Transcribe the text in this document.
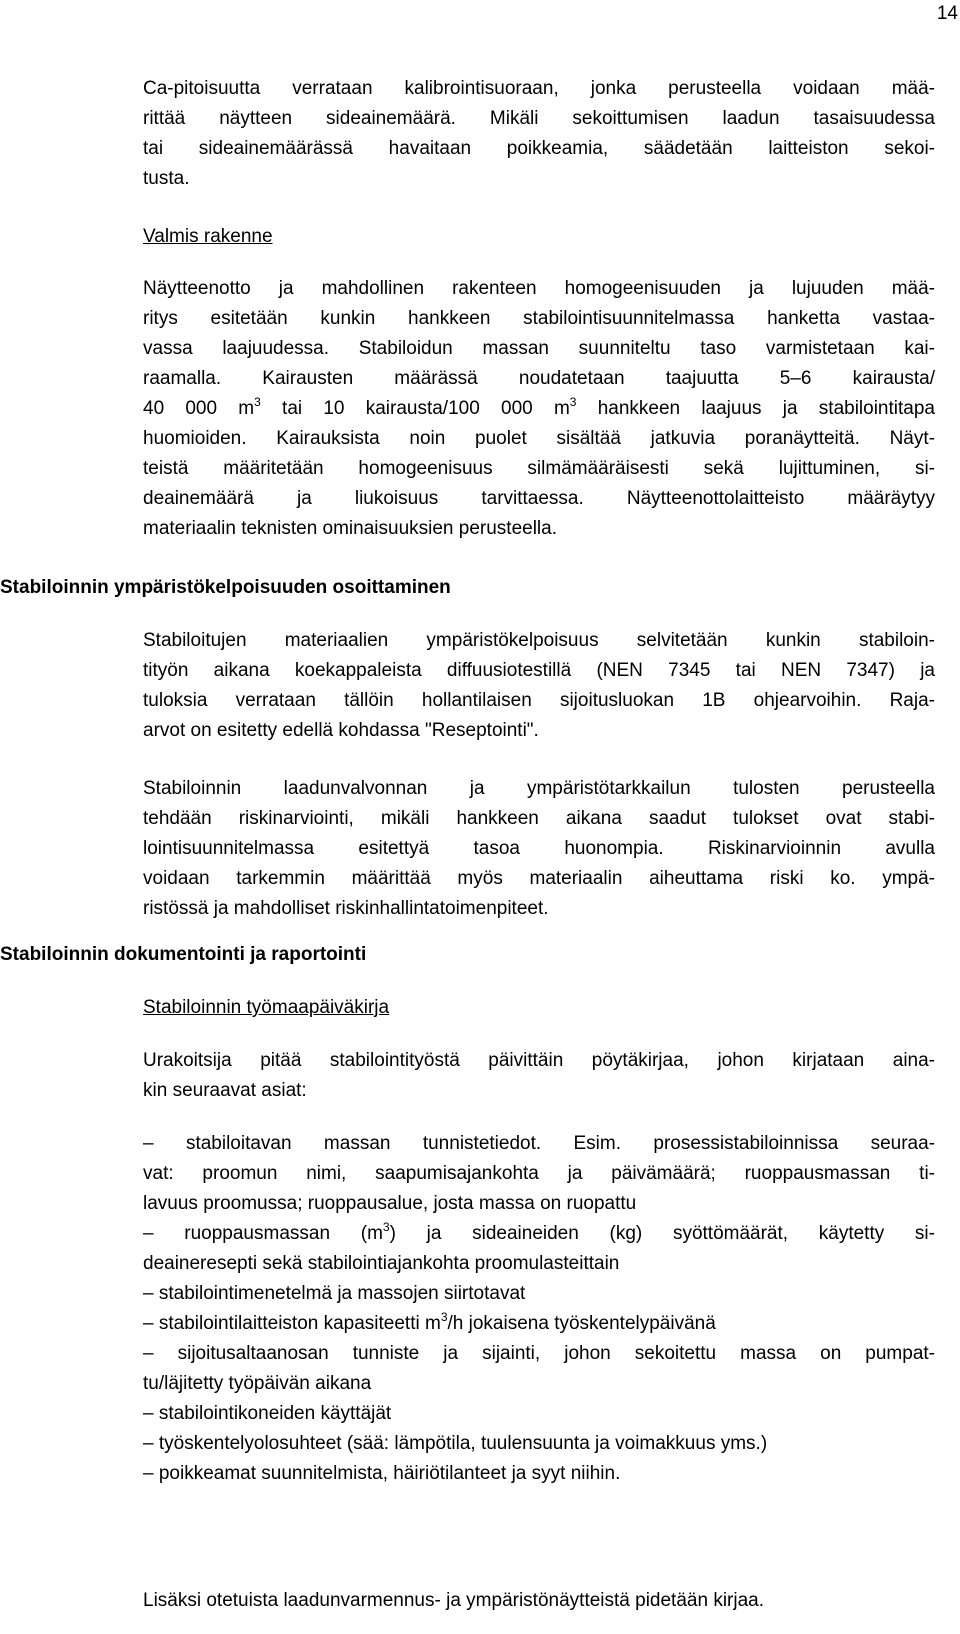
14
Ca-pitoisuutta verrataan kalibrointisuoraan, jonka perusteella voidaan mää-
rittää näytteen sideainemäärä. Mikäli sekoittumisen laadun tasaisuudessa
tai sideainemäärässä havaitaan poikkeamia, säädetään laitteiston sekoi-
tusta.

Valmis rakenne

Näytteenotto ja mahdollinen rakenteen homogeenisuuden ja lujuuden mää-
ritys esitetään kunkin hankkeen stabilointisuunnitelmassa hanketta vastaa-
vassa laajuudessa. Stabiloidun massan suunniteltu taso varmistetaan kai-
raamalla. Kairausten määrässä noudatetaan taajuutta 5–6 kairausta/
40 000 $m^3$ tai 10 kairausta/100 000 $m^3$ hankkeen laajuus ja stabilointitapa
huomioiden. Kairauksista noin puolet sisältää jatkuvia poranäytteitä. Näyt-
teistä määritetään homogeenisuus silmämääräisesti sekä lujittuminen, si-
deainemäärä ja liukoisuus tarvittaessa. Näytteenottolaitteisto määräytyy
materiaalin teknisten ominaisuuksien perusteella.

Stabiloinnin ympäristökelpoisuuden osoittaminen

Stabiloitujen materiaalien ympäristökelpoisuus selvitetään kunkin stabiloin-
tityön aikana koekappaleista diffuusiotestillä (NEN 7345 tai NEN 7347) ja
tuloksia verrataan tällöin hollantilaisen sijoitusluokan 1B ohjearvoihin. Raja-
arvot on esitetty edellä kohdassa "Reseptointi".
Stabiloinnin laadunvalvonnan ja ympäristötarkkailun tulosten perusteella
tehdään riskinarviointi, mikäli hankkeen aikana saadut tulokset ovat stabi-
lointisuunnitelmassa esitettyä tasoa huonompia. Riskinarvioinnin avulla
voidaan tarkemmin määrittää myös materiaalin aiheuttama riski ko. ympä-
ristössä ja mahdolliset riskinhallintatoimenpiteet.

Stabiloinnin dokumentointi ja raportointi

Stabiloinnin työmaapäiväkirja

Urakoitsija pitää stabilointityöstä päivittäin pöytäkirjaa, johon kirjataan aina-
kin seuraavat asiat:
– stabiloitavan massan tunnistetiedot. Esim. prosessistabiloinnissa seuraa-
vat: proomun nimi, saapumisajankohta ja päivämäärä; ruoppausmassan ti-
lavuus proomussa; ruoppausalue, josta massa on ruopattu
– ruoppausmassan $(m^3)$ ja sideaineiden (kg) syöttömäärät, käytetty si-
deaineresepti sekä stabilointiajankohta proomulasteittain
– stabilointimenetelmä ja massojen siirtotavat
– stabilointilaitteiston kapasiteetti $m^3/h$ jokaisena työskentelypäivänä
– sijoitusaltaanosan tunniste ja sijainti, johon sekoitettu massa on pumpat-
tu/läjitetty työpäivän aikana
– stabilointikoneiden käyttäjät
– työskentelyolosuhteet (sää: lämpötila, tuulensuunta ja voimakkuus yms.)
– poikkeamat suunnitelmista, häiriötilanteet ja syyt niihin.
Lisäksi otetuista laadunvarmennus- ja ympäristönäytteistä pidetään kirjaa.
